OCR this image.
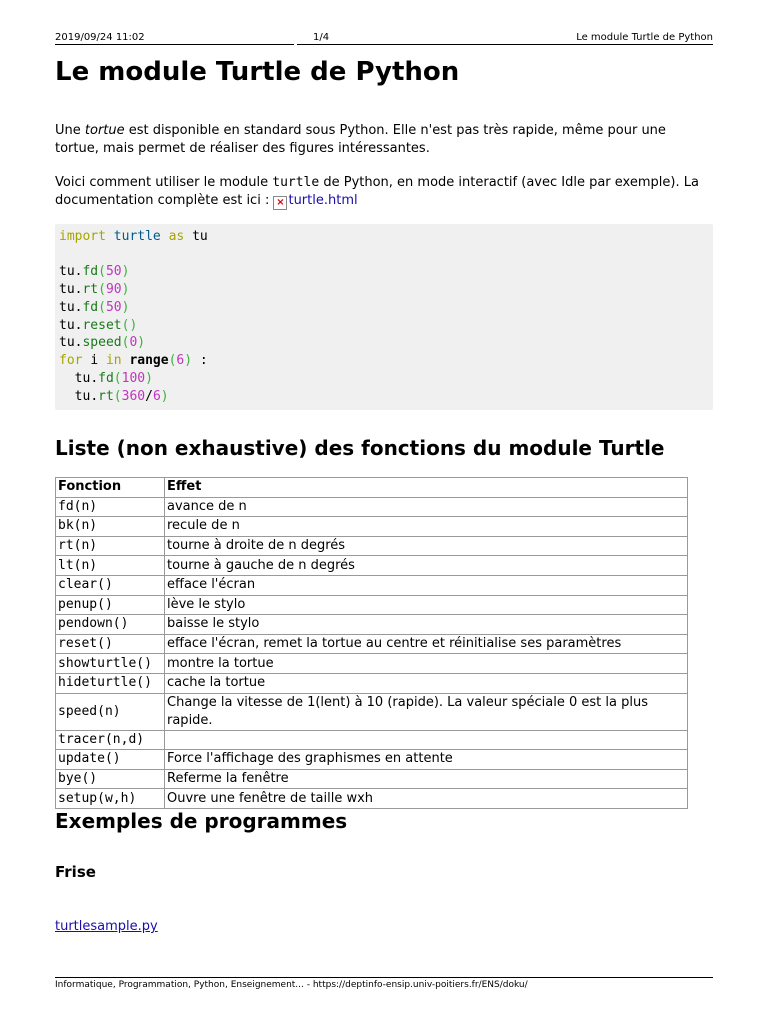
2019/09/24 11:02	1/4	Le module Turtle de Python
Le module Turtle de Python

Une tortue est disponible en standard sous Python. Elle n'est pas très rapide, même pour une tortue, mais permet de réaliser des figures intéressantes.

Voici comment utiliser le module turtle de Python, en mode interactif (avec Idle par exemple). La documentation complète est ici : × turtle.html

import turtle as tu
tu.fd(50)
tu.rt(90)
tu.fd(50)
tu.reset()
tu.speed(0)
for i in range(6) :
tu.fd(100)
tu.rt(360/6)
Liste (non exhaustive) des fonctions du module Turtle
Fonction	Effet
fd(n)	avance de n
bk(n)	recule de n
rt(n)	tourne à droite de n degrés
lt(n)	tourne à gauche de n degrés
clear()	efface l'écran
penup()	lève le stylo
pendown()	baisse le stylo
reset()	efface l'écran, remet la tortue au centre et réinitialise ses paramètres
showturtle()	montre la tortue
hideturtle()	cache la tortue
speed(n)	Change la vitesse de 1(lent) à 10 (rapide). La valeur spéciale 0 est la plus rapide.
tracer(n,d)	
update()	Force l'affichage des graphismes en attente
bye()	Referme la fenêtre
setup(w,h)	Ouvre une fenêtre de taille wxh
Exemples de programmes
Frise
turtlesample.py
Informatique, Programmation, Python, Enseignement... - https://deptinfo-ensip.univ-poitiers.fr/ENS/doku/
